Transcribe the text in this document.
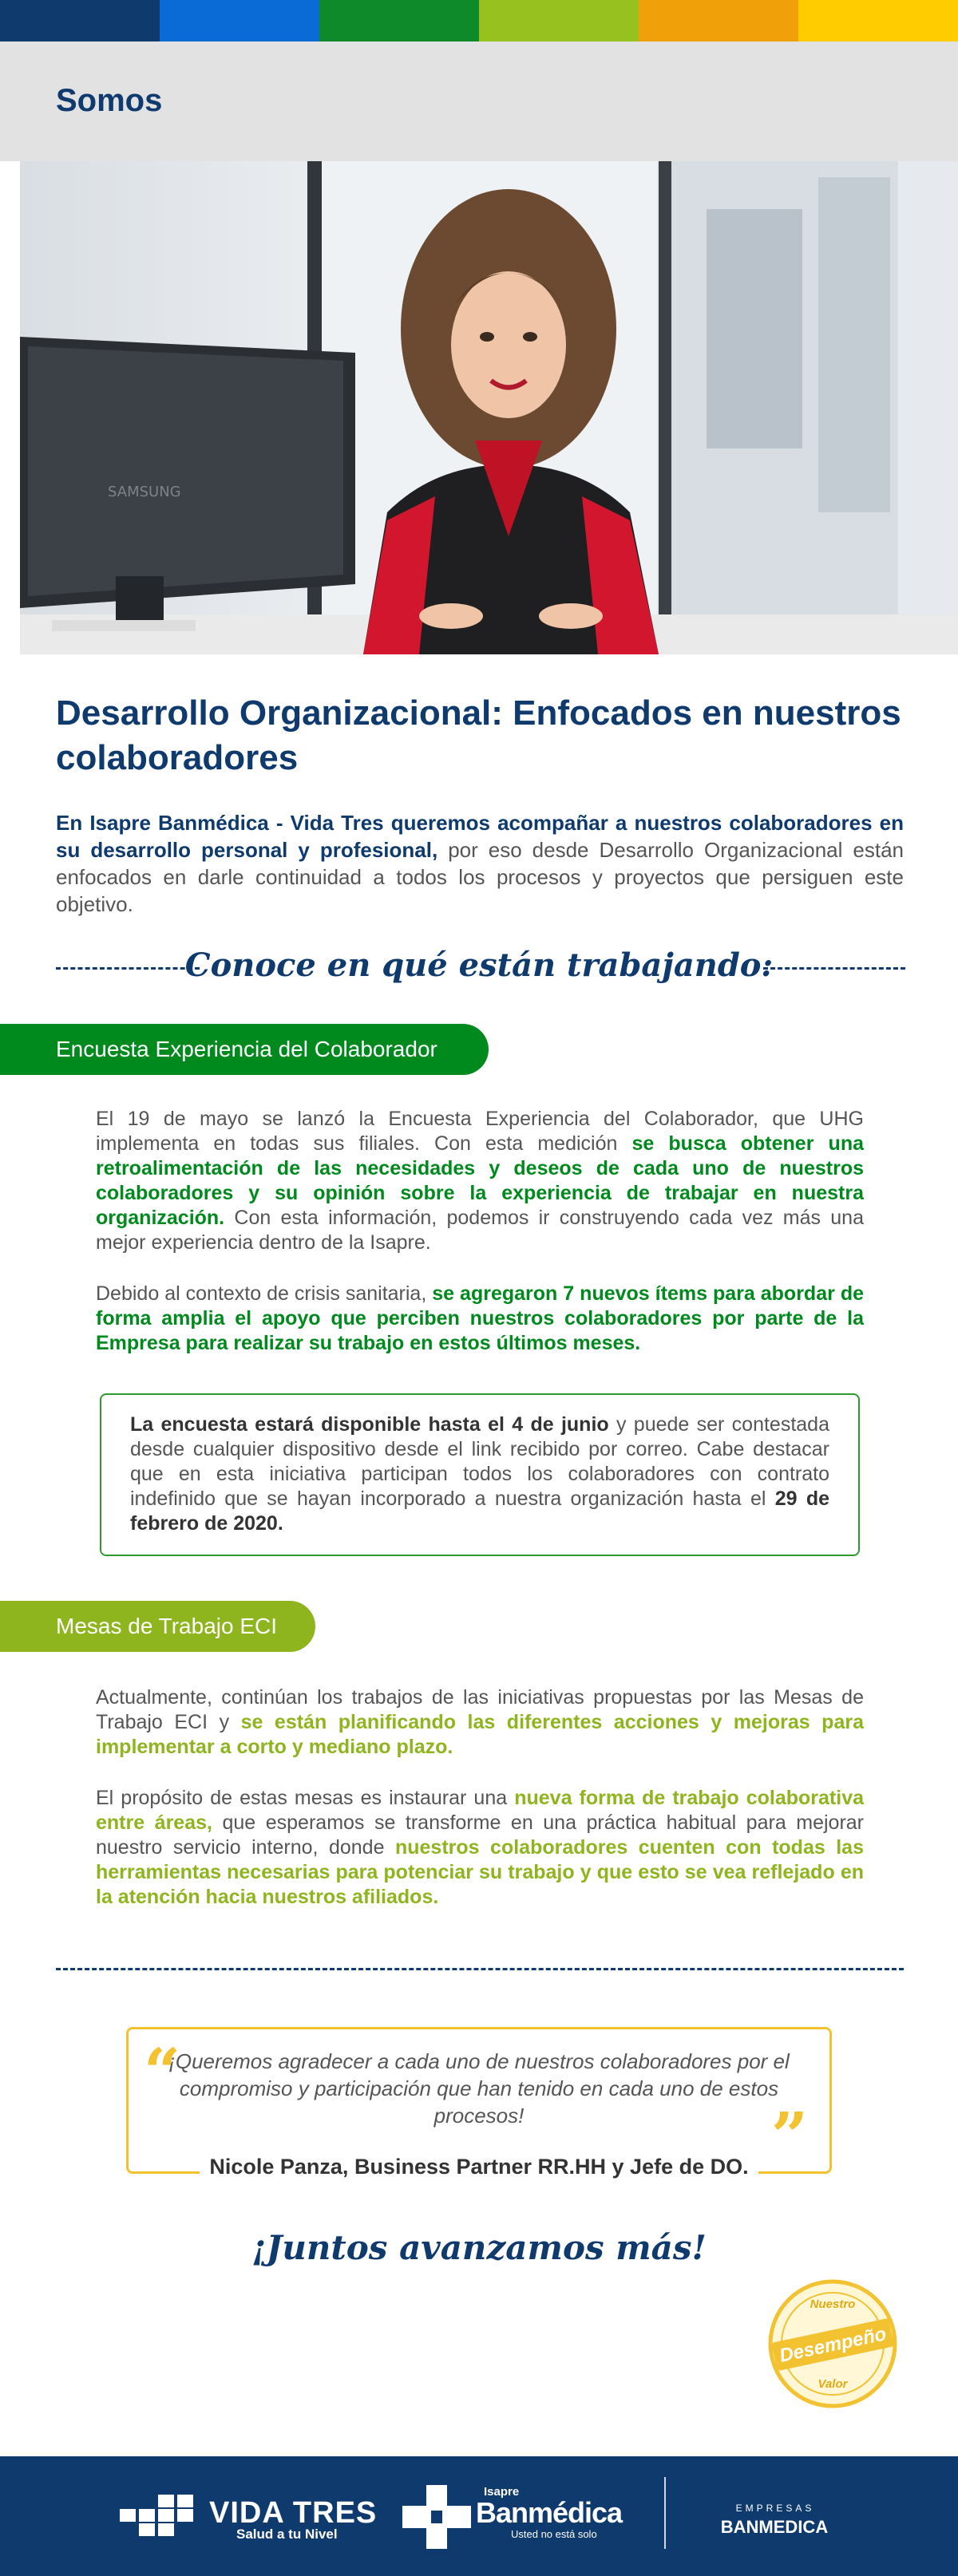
Somos
SAMSUNG
Desarrollo Organizacional: Enfocados en nuestros colaboradores
En Isapre Banmédica - Vida Tres queremos acompañar a nuestros colaboradores en su desarrollo personal y profesional, por eso desde Desarrollo Organizacional están enfocados en darle continuidad a todos los procesos y proyectos que persiguen este objetivo.
Conoce en qué están trabajando:
Encuesta Experiencia del Colaborador
El 19 de mayo se lanzó la Encuesta Experiencia del Colaborador, que UHG implementa en todas sus filiales. Con esta medición se busca obtener una retroalimentación de las necesidades y deseos de cada uno de nuestros colaboradores y su opinión sobre la experiencia de trabajar en nuestra organización. Con esta información, podemos ir construyendo cada vez más una mejor experiencia dentro de la Isapre.
Debido al contexto de crisis sanitaria, se agregaron 7 nuevos ítems para abordar de forma amplia el apoyo que perciben nuestros colaboradores por parte de la Empresa para realizar su trabajo en estos últimos meses.
La encuesta estará disponible hasta el 4 de junio y puede ser contestada desde cualquier dispositivo desde el link recibido por correo. Cabe destacar que en esta iniciativa participan todos los colaboradores con contrato indefinido que se hayan incorporado a nuestra organización hasta el 29 de febrero de 2020.
Mesas de Trabajo ECI
Actualmente, continúan los trabajos de las iniciativas propuestas por las Mesas de Trabajo ECI y se están planificando las diferentes acciones y mejoras para implementar a corto y mediano plazo.
El propósito de estas mesas es instaurar una nueva forma de trabajo colaborativa entre áreas, que esperamos se transforme en una práctica habitual para mejorar nuestro servicio interno, donde nuestros colaboradores cuenten con todas las herramientas necesarias para potenciar su trabajo y que esto se vea reflejado en la atención hacia nuestros afiliados.
“
”
¡Queremos agradecer a cada uno de nuestros colaboradores por el compromiso y participación que han tenido en cada uno de estos procesos!
Nicole Panza, Business Partner RR.HH y Jefe de DO.
¡Juntos avanzamos más!
Nuestro
Desempeño
Valor
VIDA TRES
Salud a tu Nivel
Isapre
Banmédica
Usted no está solo
EMPRESAS
BANMEDICA
